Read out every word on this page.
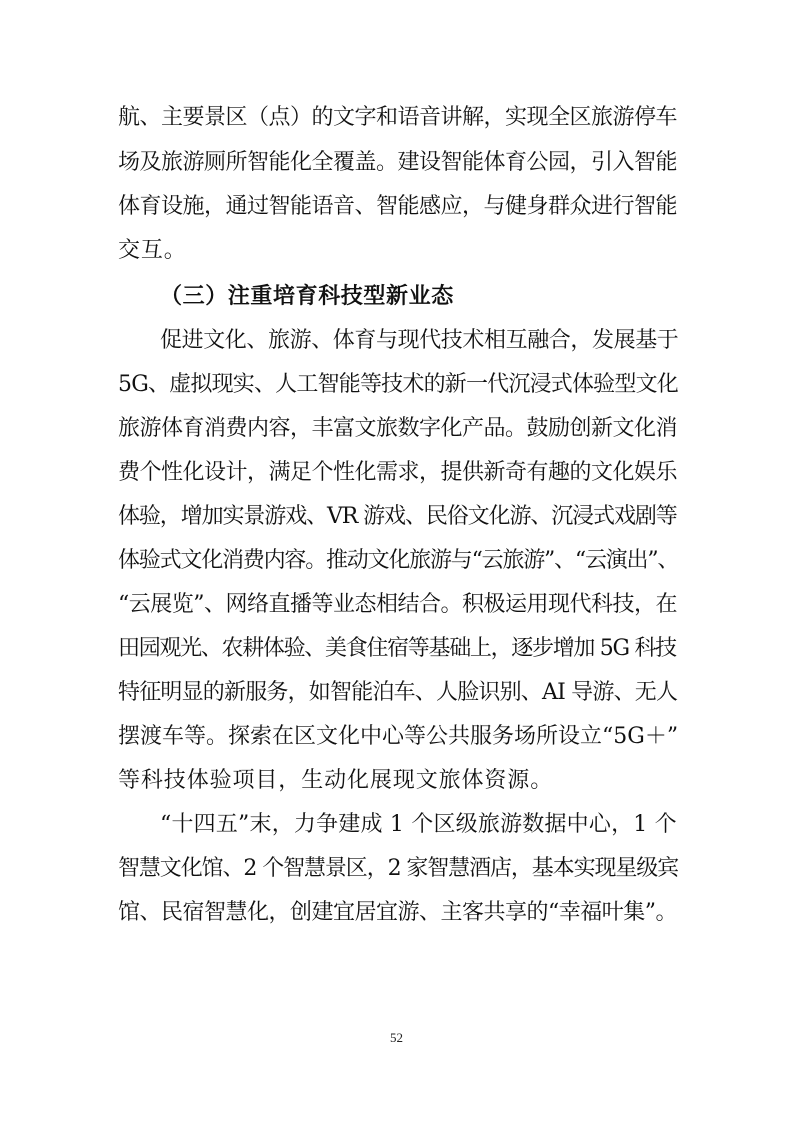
航、主要景区（点）的文字和语音讲解，实现全区旅游停车
场及旅游厕所智能化全覆盖。建设智能体育公园，引入智能
体育设施，通过智能语音、智能感应，与健身群众进行智能
交互。
（三）注重培育科技型新业态
促进文化、旅游、体育与现代技术相互融合，发展基于
5G、虚拟现实、人工智能等技术的新一代沉浸式体验型文化
旅游体育消费内容，丰富文旅数字化产品。鼓励创新文化消
费个性化设计，满足个性化需求，提供新奇有趣的文化娱乐
体验，增加实景游戏、VR 游戏、民俗文化游、沉浸式戏剧等
体验式文化消费内容。推动文化旅游与“云旅游”、“云演出”、
“云展览”、网络直播等业态相结合。积极运用现代科技，在
田园观光、农耕体验、美食住宿等基础上，逐步增加 5G 科技
特征明显的新服务，如智能泊车、人脸识别、AI 导游、无人
摆渡车等。探索在区文化中心等公共服务场所设立“5G＋”
等科技体验项目，生动化展现文旅体资源。
“十四五”末，力争建成 1 个区级旅游数据中心，1 个
智慧文化馆、2 个智慧景区，2 家智慧酒店，基本实现星级宾
馆、民宿智慧化，创建宜居宜游、主客共享的“幸福叶集”。
52
